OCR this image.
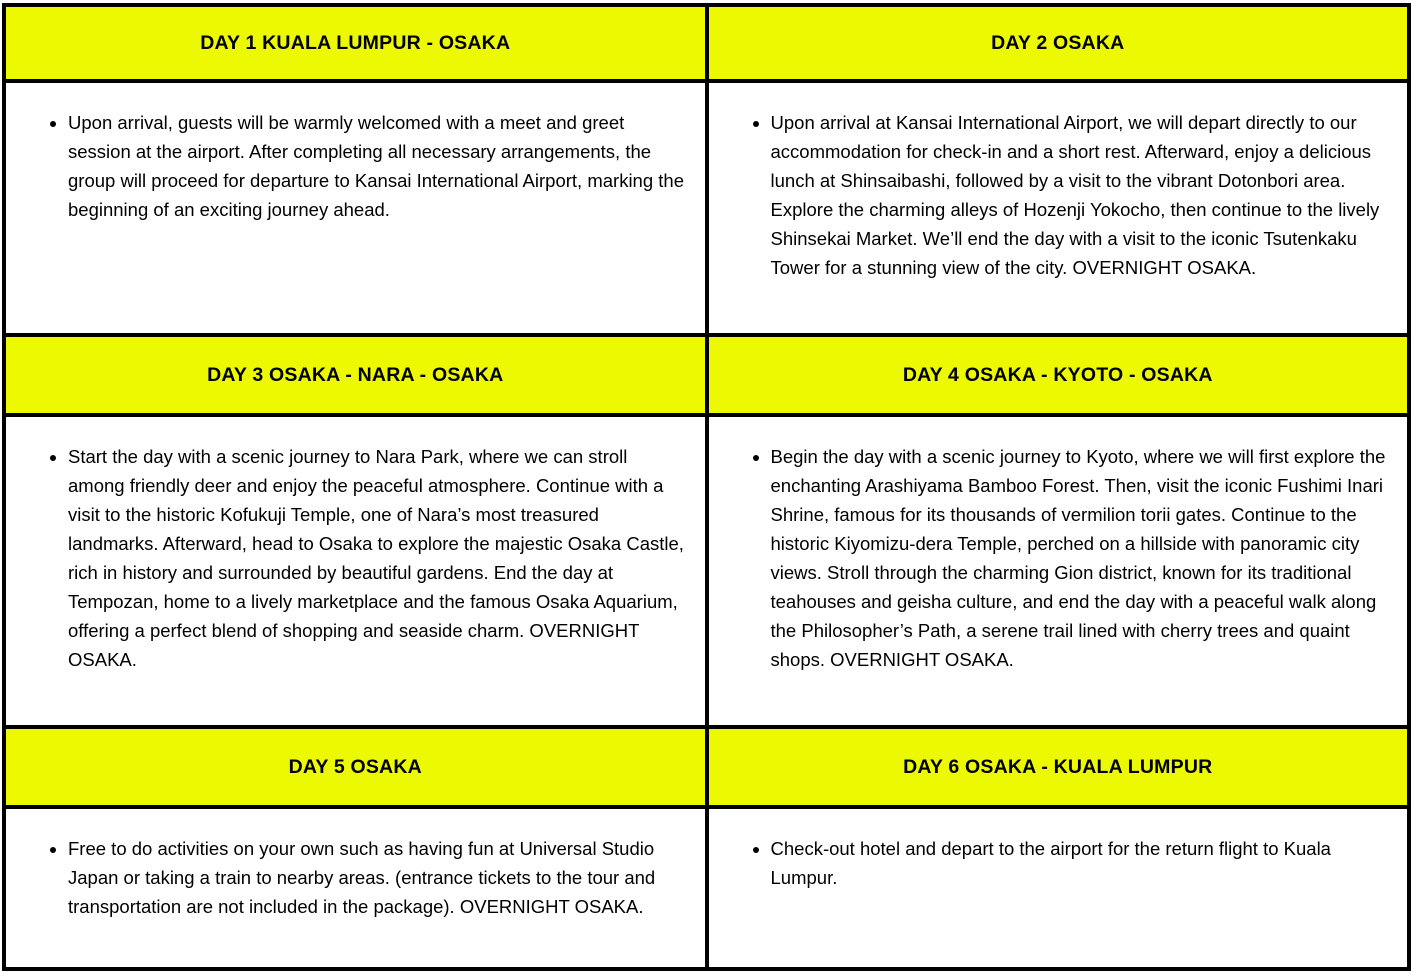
DAY 1 KUALA LUMPUR - OSAKA	DAY 2 OSAKA
• Upon arrival, guests will be warmly welcomed with a meet and greet session at the airport. After completing all necessary arrangements, the group will proceed for departure to Kansai International Airport, marking the beginning of an exciting journey ahead.
• Upon arrival at Kansai International Airport, we will depart directly to our accommodation for check-in and a short rest. Afterward, enjoy a delicious lunch at Shinsaibashi, followed by a visit to the vibrant Dotonbori area. Explore the charming alleys of Hozenji Yokocho, then continue to the lively Shinsekai Market. We’ll end the day with a visit to the iconic Tsutenkaku Tower for a stunning view of the city. OVERNIGHT OSAKA.
DAY 3 OSAKA - NARA - OSAKA	DAY 4 OSAKA - KYOTO - OSAKA
• Start the day with a scenic journey to Nara Park, where we can stroll among friendly deer and enjoy the peaceful atmosphere. Continue with a visit to the historic Kofukuji Temple, one of Nara’s most treasured landmarks. Afterward, head to Osaka to explore the majestic Osaka Castle, rich in history and surrounded by beautiful gardens. End the day at Tempozan, home to a lively marketplace and the famous Osaka Aquarium, offering a perfect blend of shopping and seaside charm. OVERNIGHT OSAKA.
• Begin the day with a scenic journey to Kyoto, where we will first explore the enchanting Arashiyama Bamboo Forest. Then, visit the iconic Fushimi Inari Shrine, famous for its thousands of vermilion torii gates. Continue to the historic Kiyomizu-dera Temple, perched on a hillside with panoramic city views. Stroll through the charming Gion district, known for its traditional teahouses and geisha culture, and end the day with a peaceful walk along the Philosopher’s Path, a serene trail lined with cherry trees and quaint shops. OVERNIGHT OSAKA.
DAY 5 OSAKA	DAY 6 OSAKA - KUALA LUMPUR
• Free to do activities on your own such as having fun at Universal Studio Japan or taking a train to nearby areas. (entrance tickets to the tour and transportation are not included in the package). OVERNIGHT OSAKA.
• Check-out hotel and depart to the airport for the return flight to Kuala Lumpur.
